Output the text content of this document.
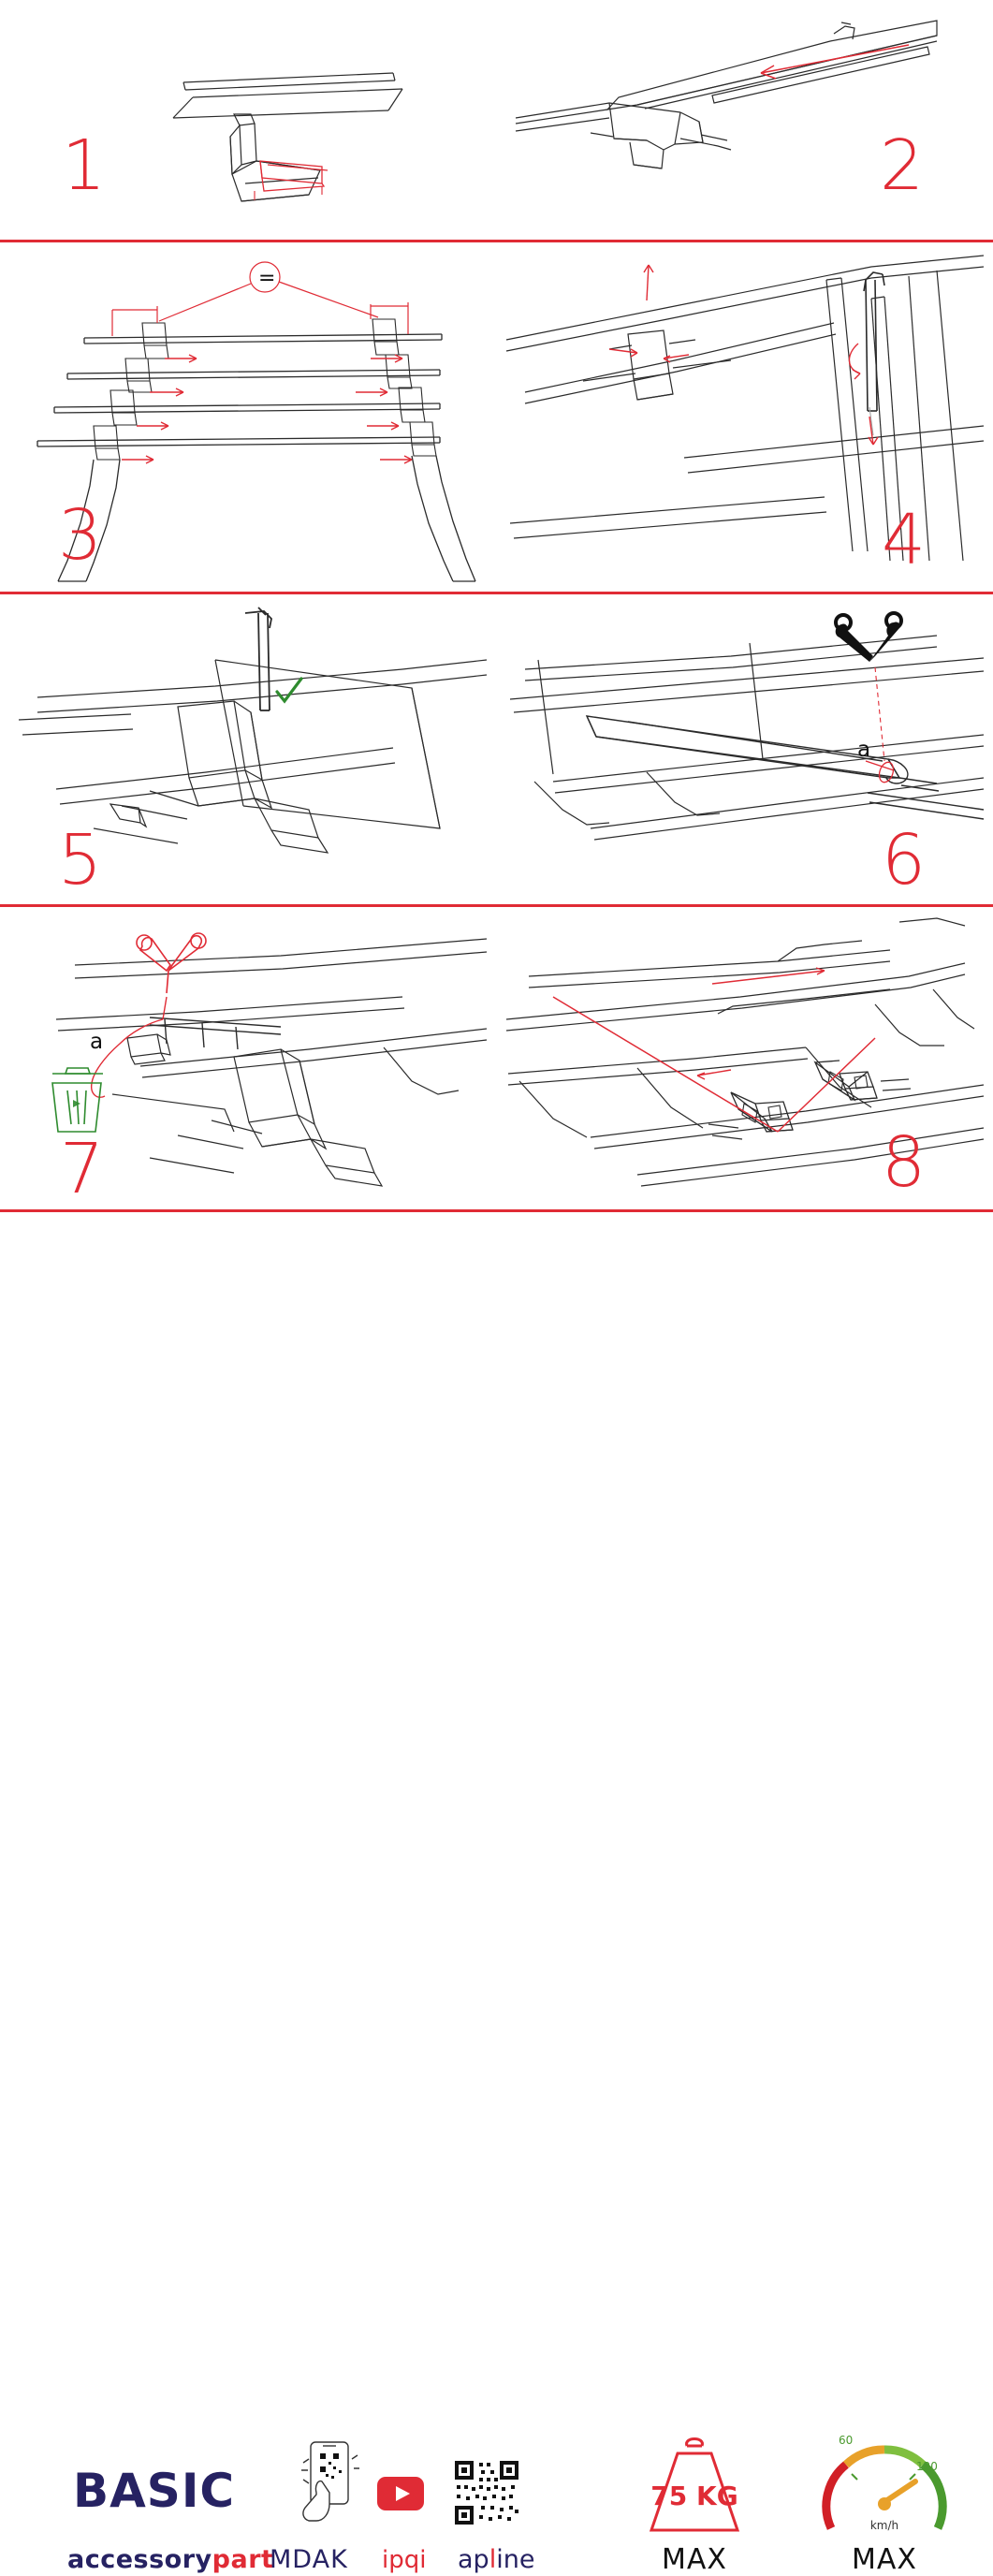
1	2
=
3	4
5
a
6
a
7	8
BASIC
accessorypart
MDAK ipqi apline
75 KG
MAX
60
120
km/h
MAX
